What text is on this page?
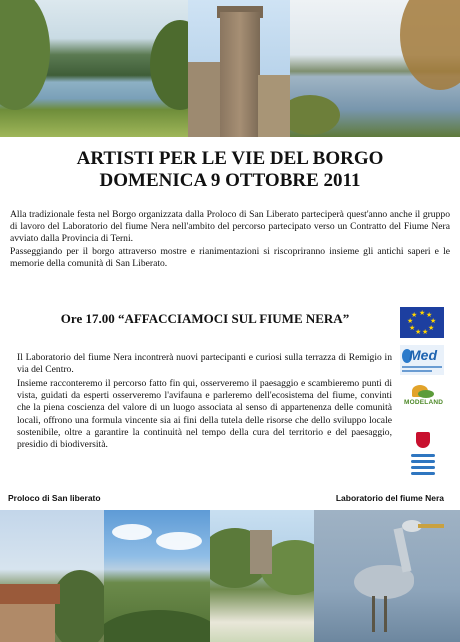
ARTISTI PER LE VIE DEL BORGO
DOMENICA 9 OTTOBRE 2011

Alla tradizionale festa nel Borgo organizzata dalla Proloco di San Liberato parteciperà quest'anno anche il gruppo di lavoro del Laboratorio del fiume Nera nell'ambito del percorso partecipato verso un Contratto del Fiume Nera avviato dalla Provincia di Terni.

Passeggiando per il borgo attraverso mostre e rianimentazioni si riscopriranno insieme gli antichi saperi e le memorie della comunità di San Liberato.

Ore 17.00 “AFFACCIAMOCI SUL FIUME NERA”

Il Laboratorio del fiume Nera incontrerà nuovi partecipanti e curiosi sulla terrazza di Remigio in via del Centro.

Insieme racconteremo il percorso fatto fin qui, osserveremo il paesaggio e scambieremo punti di vista, guidati da esperti osserveremo l'avifauna e parleremo dell'ecosistema del fiume, convinti che la piena coscienza del valore di un luogo associata al senso di appartenenza delle comunità locali, offrono una formula vincente sia ai fini della tutela delle risorse che dello sviluppo locale sostenibile, oltre a garantire la continuità nel tempo della cura del territorio e del paesaggio, presidio di biodiversità.

★ ★
★
★
★
★
★
★
★
Med
MODELAND

Proloco di San liberato	Laboratorio del fiume Nera
